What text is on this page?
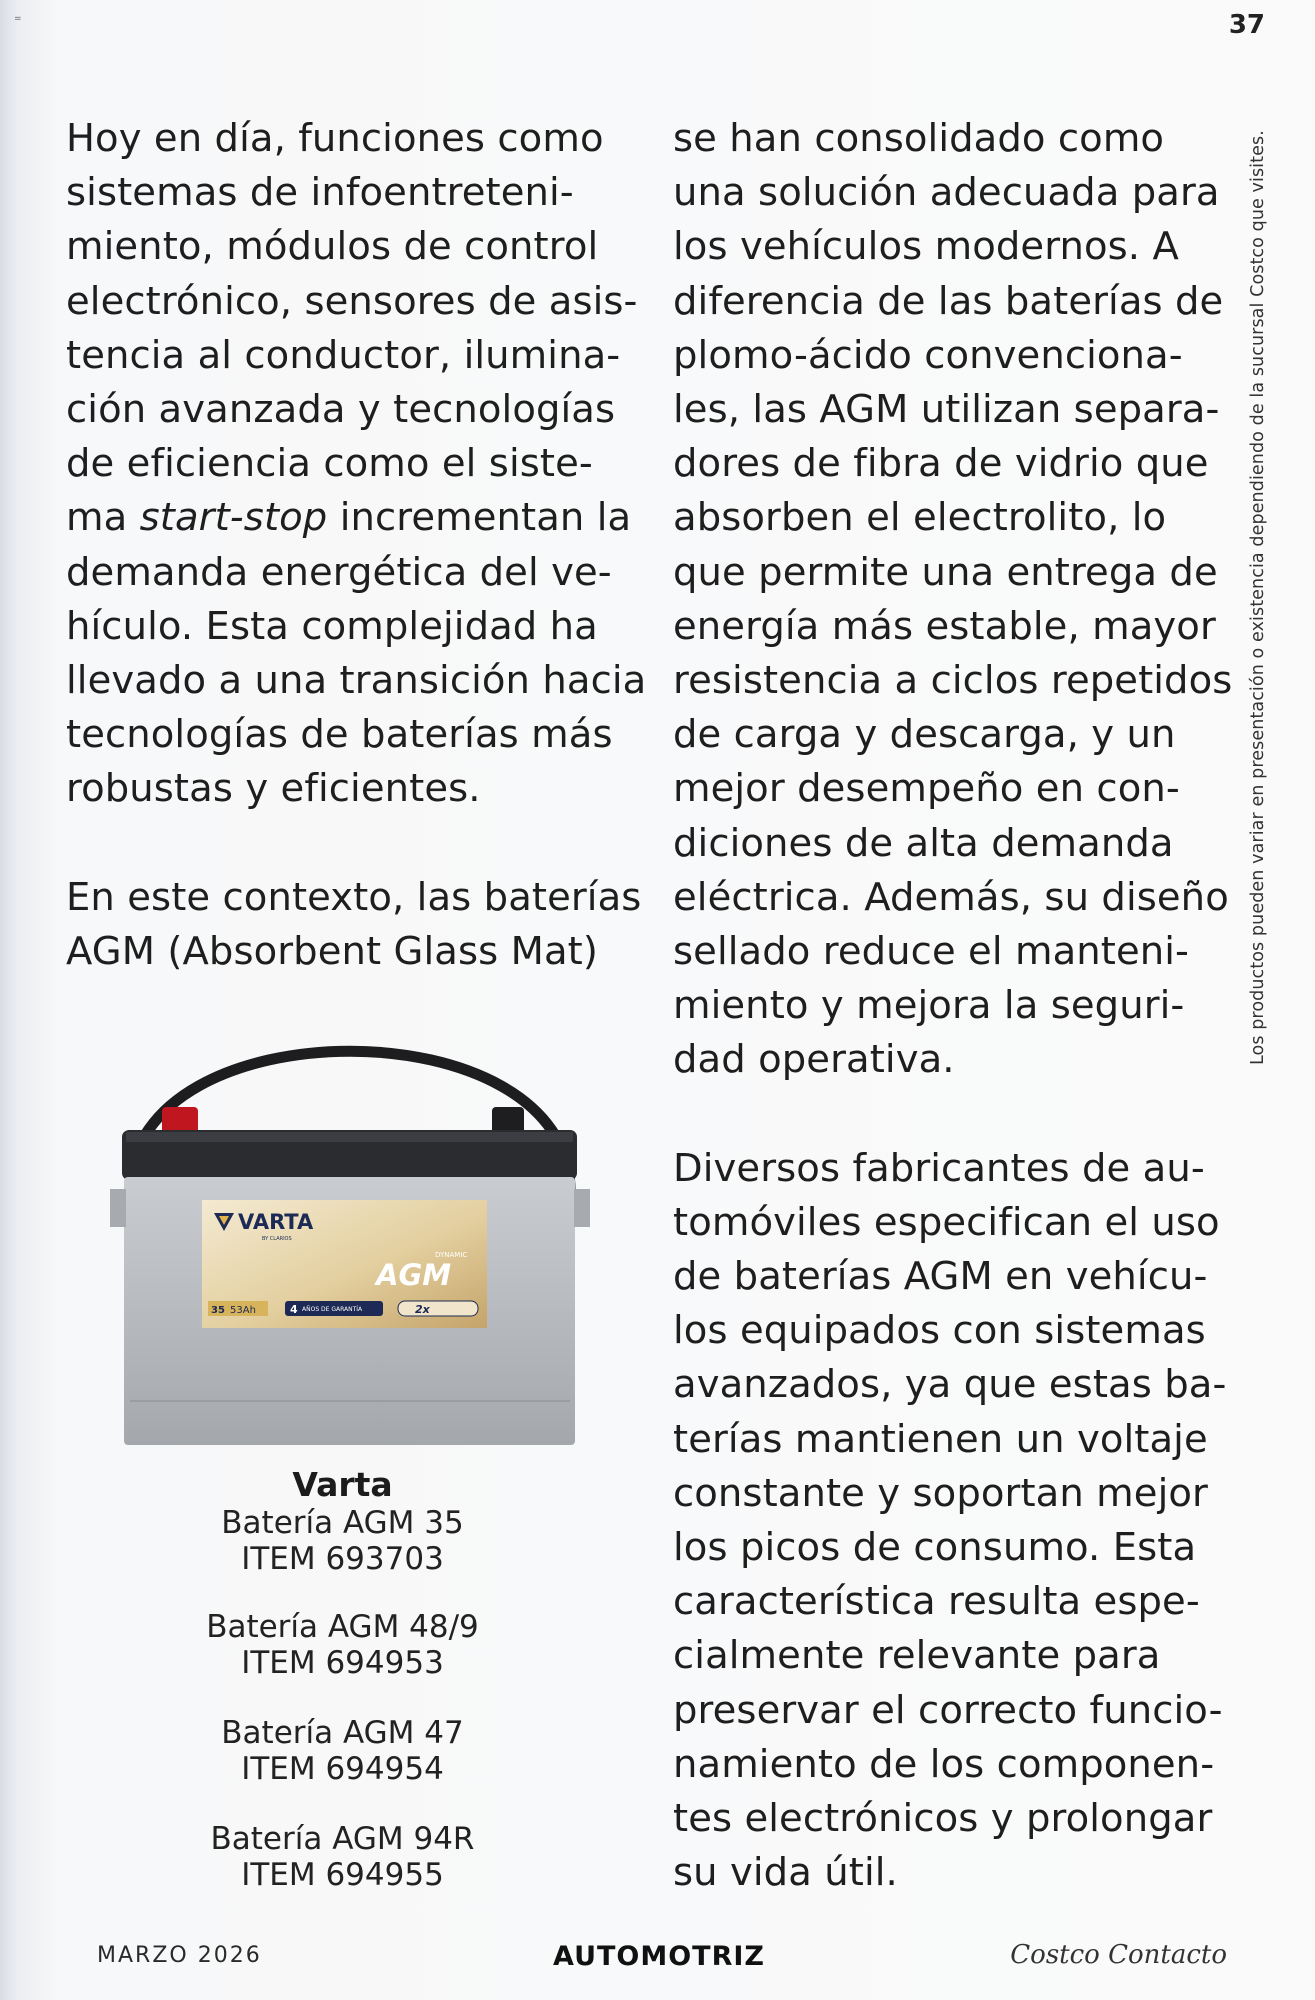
=	37

Hoy en día, funciones como

sistemas de infoentreteni-

miento, módulos de control

electrónico, sensores de asis-

tencia al conductor, ilumina-

ción avanzada y tecnologías

de eficiencia como el siste-

ma start-stop incrementan la

demanda energética del ve-

hículo. Esta complejidad ha

llevado a una transición hacia

tecnologías de baterías más

robustas y eficientes.

En este contexto, las baterías

AGM (Absorbent Glass Mat)

se han consolidado como

una solución adecuada para

los vehículos modernos. A

diferencia de las baterías de

plomo-ácido convenciona-

les, las AGM utilizan separa-

dores de fibra de vidrio que

absorben el electrolito, lo

que permite una entrega de

energía más estable, mayor

resistencia a ciclos repetidos

de carga y descarga, y un

mejor desempeño en con-

diciones de alta demanda

eléctrica. Además, su diseño

sellado reduce el manteni-

miento y mejora la seguri-

dad operativa.

Diversos fabricantes de au-

tomóviles especifican el uso

de baterías AGM en vehícu-

los equipados con sistemas

avanzados, ya que estas ba-

terías mantienen un voltaje

constante y soportan mejor

los picos de consumo. Esta

característica resulta espe-

cialmente relevante para

preservar el correcto funcio-

namiento de los componen-

tes electrónicos y prolongar

su vida útil.

Los productos pueden variar en presentación o existencia dependiendo de la sucursal Costco que visites.
VARTA
BY CLARIOS
DYNAMIC
AGM
35 53Ah	4 AÑOS DE GARANTÍA	2x
Varta
Batería AGM 35
ITEM 693703
Batería AGM 48/9
ITEM 694953
Batería AGM 47
ITEM 694954
Batería AGM 94R
ITEM 694955
MARZO 2026	AUTOMOTRIZ	Costco Contacto
